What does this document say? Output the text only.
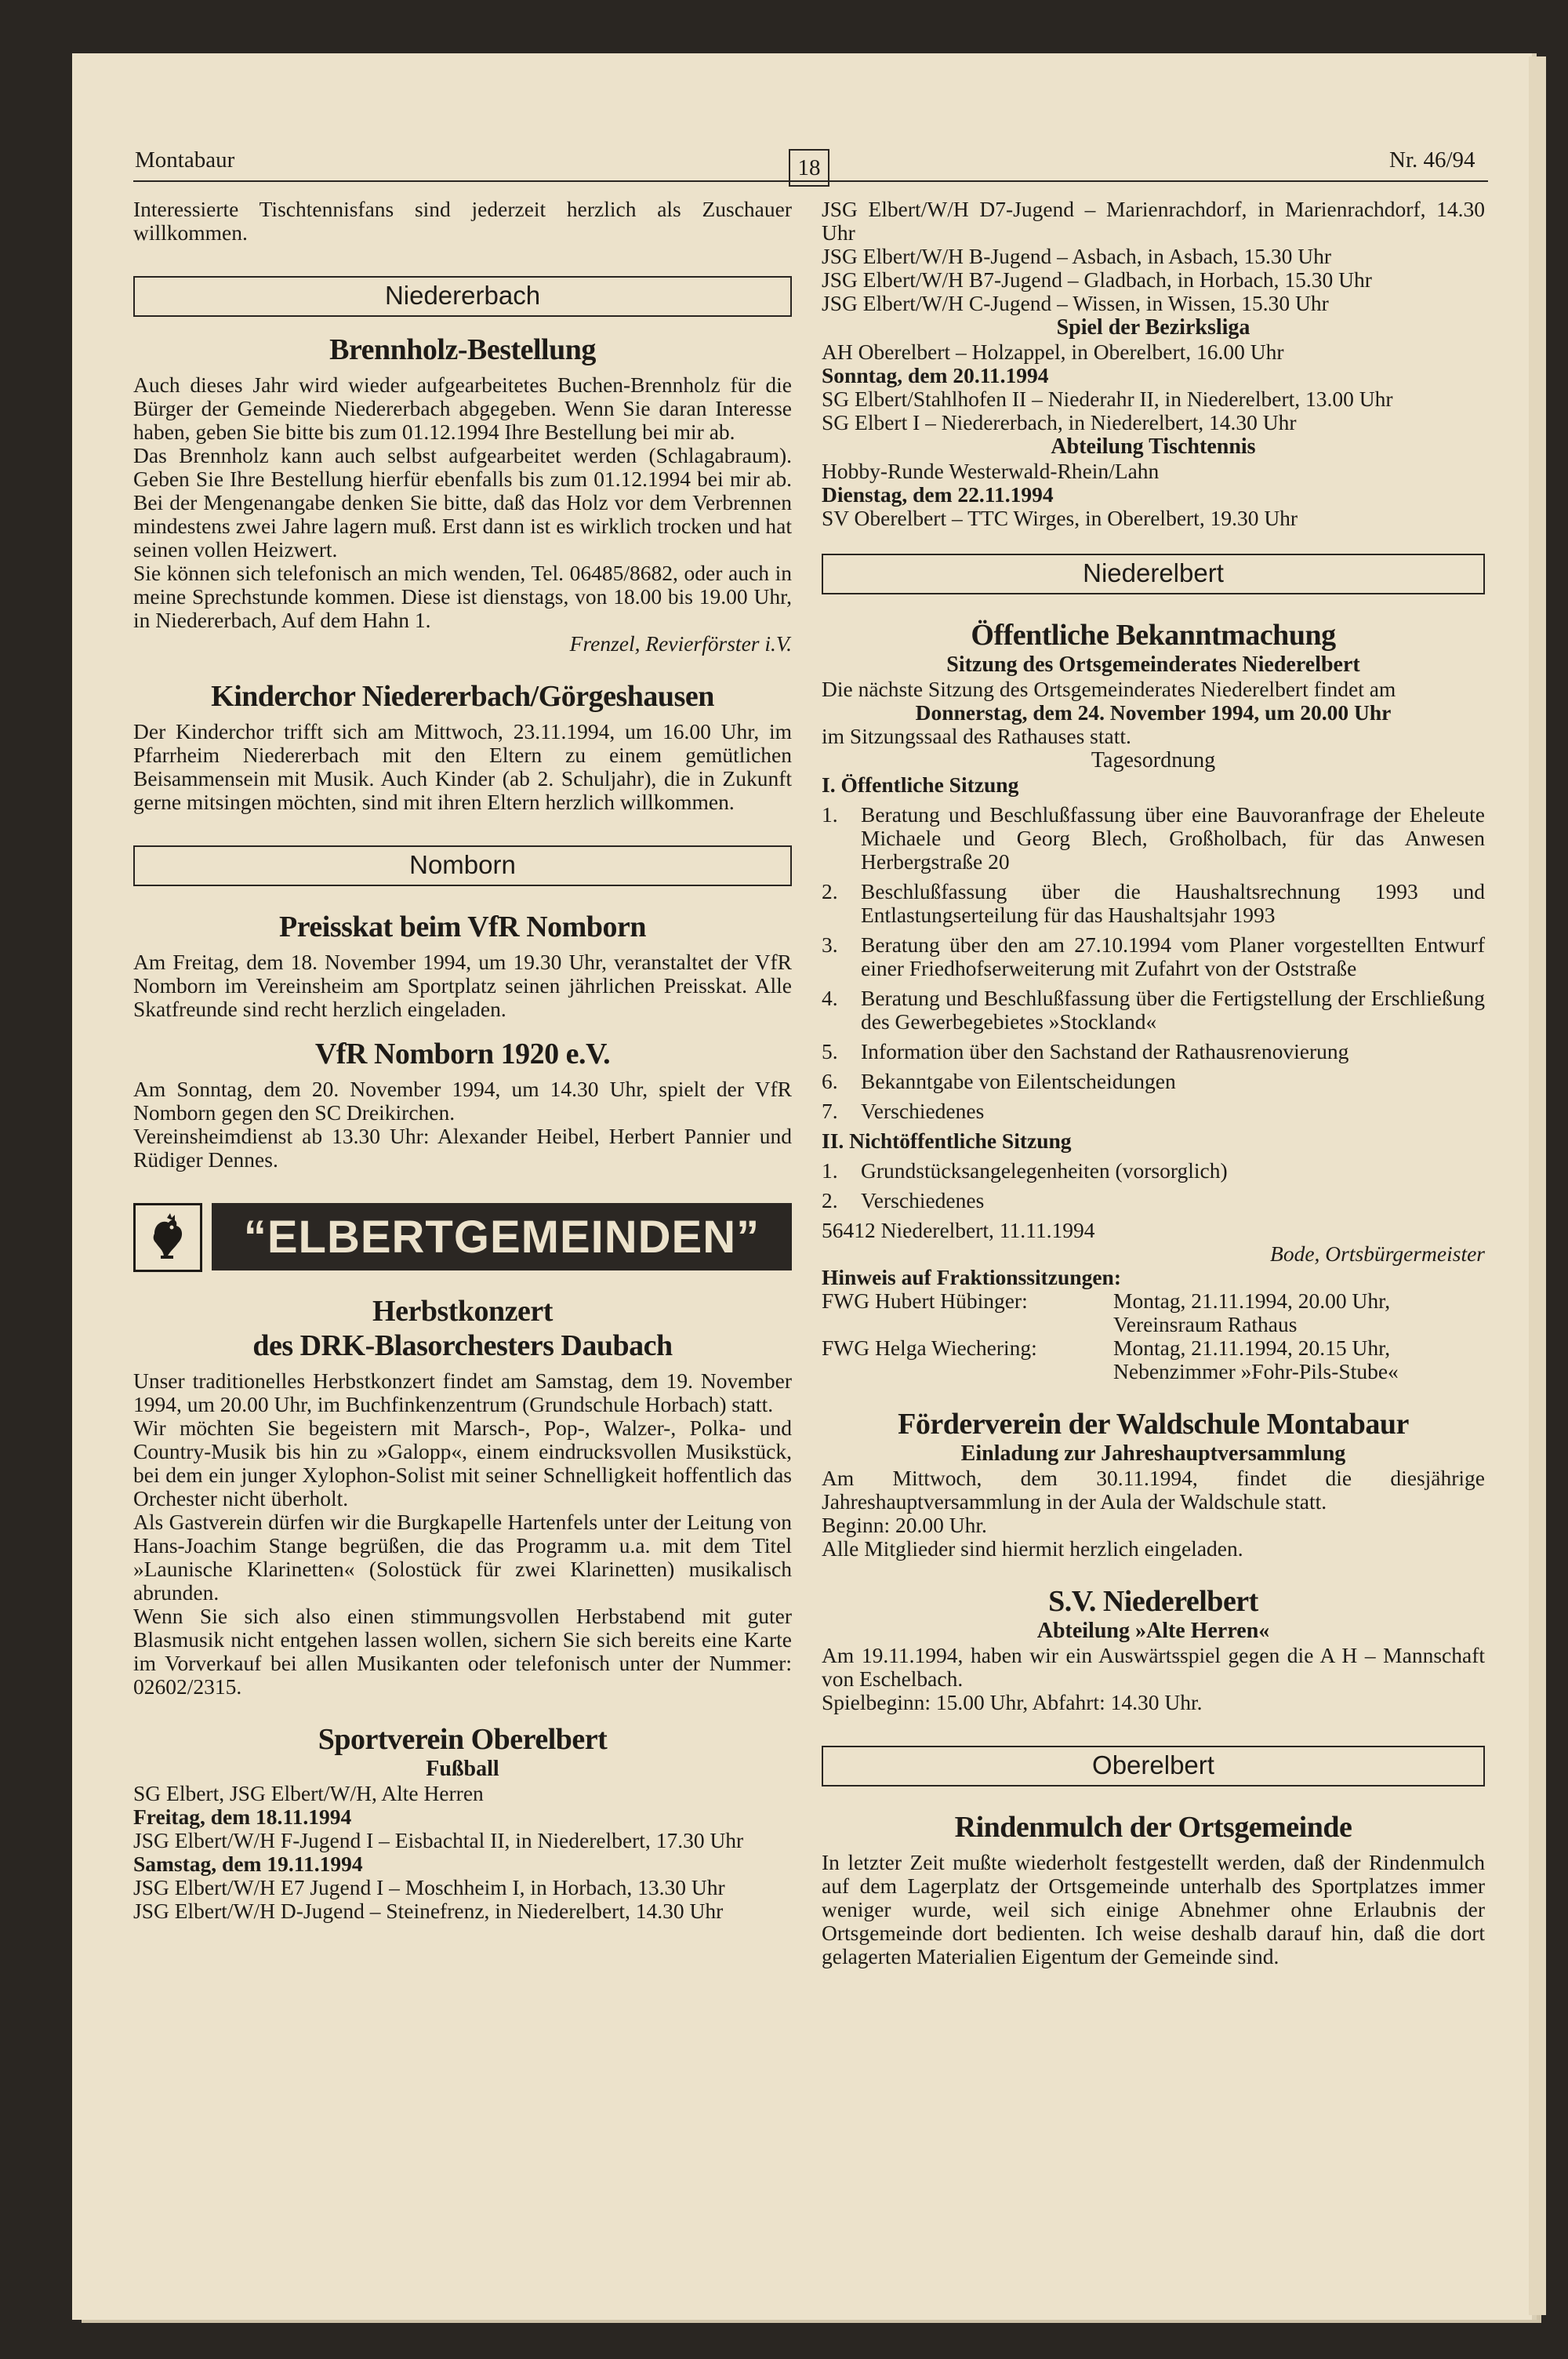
Montabaur	18	Nr. 46/94

Interessierte Tischtennisfans sind jederzeit herzlich als Zuschauer willkommen.

Niedererbach
Brennholz-Bestellung

Auch dieses Jahr wird wieder aufgearbeitetes Buchen-Brennholz für die Bürger der Gemeinde Niedererbach abgegeben. Wenn Sie daran Interesse haben, geben Sie bitte bis zum 01.12.1994 Ihre Bestellung bei mir ab.

Das Brennholz kann auch selbst aufgearbeitet werden (Schlagabraum). Geben Sie Ihre Bestellung hierfür ebenfalls bis zum 01.12.1994 bei mir ab. Bei der Mengenangabe denken Sie bitte, daß das Holz vor dem Verbrennen mindestens zwei Jahre lagern muß. Erst dann ist es wirklich trocken und hat seinen vollen Heizwert.

Sie können sich telefonisch an mich wenden, Tel. 06485/8682, oder auch in meine Sprechstunde kommen. Diese ist dienstags, von 18.00 bis 19.00 Uhr, in Niedererbach, Auf dem Hahn 1.

Frenzel, Revierförster i.V.

Kinderchor Niedererbach/Görgeshausen

Der Kinderchor trifft sich am Mittwoch, 23.11.1994, um 16.00 Uhr, im Pfarrheim Niedererbach mit den Eltern zu einem gemütlichen Beisammensein mit Musik. Auch Kinder (ab 2. Schuljahr), die in Zukunft gerne mitsingen möchten, sind mit ihren Eltern herzlich willkommen.

Nomborn
Preisskat beim VfR Nomborn

Am Freitag, dem 18. November 1994, um 19.30 Uhr, veranstaltet der VfR Nomborn im Vereinsheim am Sportplatz seinen jährlichen Preisskat. Alle Skatfreunde sind recht herzlich eingeladen.

VfR Nomborn 1920 e.V.

Am Sonntag, dem 20. November 1994, um 14.30 Uhr, spielt der VfR Nomborn gegen den SC Dreikirchen.

Vereinsheimdienst ab 13.30 Uhr: Alexander Heibel, Herbert Pannier und Rüdiger Dennes.

“ELBERTGEMEINDEN”
Herbstkonzert
des DRK-Blasorchesters Daubach

Unser traditionelles Herbstkonzert findet am Samstag, dem 19. November 1994, um 20.00 Uhr, im Buchfinkenzentrum (Grundschule Horbach) statt.

Wir möchten Sie begeistern mit Marsch-, Pop-, Walzer-, Polka- und Country-Musik bis hin zu »Galopp«, einem eindrucksvollen Musikstück, bei dem ein junger Xylophon-Solist mit seiner Schnelligkeit hoffentlich das Orchester nicht überholt.

Als Gastverein dürfen wir die Burgkapelle Hartenfels unter der Leitung von Hans-Joachim Stange begrüßen, die das Programm u.a. mit dem Titel »Launische Klarinetten« (Solostück für zwei Klarinetten) musikalisch abrunden.

Wenn Sie sich also einen stimmungsvollen Herbstabend mit guter Blasmusik nicht entgehen lassen wollen, sichern Sie sich bereits eine Karte im Vorverkauf bei allen Musikanten oder telefonisch unter der Nummer: 02602/2315.

Sportverein Oberelbert
Fußball

SG Elbert, JSG Elbert/W/H, Alte Herren

Freitag, dem 18.11.1994

JSG Elbert/W/H F-Jugend I – Eisbachtal II, in Niederelbert, 17.30 Uhr

Samstag, dem 19.11.1994

JSG Elbert/W/H E7 Jugend I – Moschheim I, in Horbach, 13.30 Uhr

JSG Elbert/W/H D-Jugend – Steinefrenz, in Niederelbert, 14.30 Uhr

JSG Elbert/W/H D7-Jugend – Marienrachdorf, in Marienrachdorf, 14.30 Uhr

JSG Elbert/W/H B-Jugend – Asbach, in Asbach, 15.30 Uhr

JSG Elbert/W/H B7-Jugend – Gladbach, in Horbach, 15.30 Uhr

JSG Elbert/W/H C-Jugend – Wissen, in Wissen, 15.30 Uhr

Spiel der Bezirksliga

AH Oberelbert – Holzappel, in Oberelbert, 16.00 Uhr

Sonntag, dem 20.11.1994

SG Elbert/Stahlhofen II – Niederahr II, in Niederelbert, 13.00 Uhr

SG Elbert I – Niedererbach, in Niederelbert, 14.30 Uhr

Abteilung Tischtennis

Hobby-Runde Westerwald-Rhein/Lahn

Dienstag, dem 22.11.1994

SV Oberelbert – TTC Wirges, in Oberelbert, 19.30 Uhr

Niederelbert
Öffentliche Bekanntmachung
Sitzung des Ortsgemeinderates Niederelbert

Die nächste Sitzung des Ortsgemeinderates Niederelbert findet am

Donnerstag, dem 24. November 1994, um 20.00 Uhr

im Sitzungssaal des Rathauses statt.

Tagesordnung

I. Öffentliche Sitzung

1.	Beratung und Beschlußfassung über eine Bauvoranfrage der Eheleute Michaele und Georg Blech, Großholbach, für das Anwesen Herbergstraße 20
2.	Beschlußfassung über die Haushaltsrechnung 1993 und Entlastungserteilung für das Haushaltsjahr 1993
3.	Beratung über den am 27.10.1994 vom Planer vorgestellten Entwurf einer Friedhofserweiterung mit Zufahrt von der Oststraße
4.	Beratung und Beschlußfassung über die Fertigstellung der Erschließung des Gewerbegebietes »Stockland«
5.	Information über den Sachstand der Rathausrenovierung
6.	Bekanntgabe von Eilentscheidungen
7.	Verschiedenes

II. Nichtöffentliche Sitzung

1.	Grundstücksangelegenheiten (vorsorglich)
2.	Verschiedenes

56412 Niederelbert, 11.11.1994

Bode, Ortsbürgermeister

Hinweis auf Fraktionssitzungen:

FWG Hubert Hübinger:	Montag, 21.11.1994, 20.00 Uhr,
Vereinsraum Rathaus
FWG Helga Wiechering:	Montag, 21.11.1994, 20.15 Uhr,
Nebenzimmer »Fohr-Pils-Stube«
Förderverein der Waldschule Montabaur
Einladung zur Jahreshauptversammlung

Am Mittwoch, dem 30.11.1994, findet die diesjährige Jahreshauptversammlung in der Aula der Waldschule statt.

Beginn: 20.00 Uhr.

Alle Mitglieder sind hiermit herzlich eingeladen.

S.V. Niederelbert
Abteilung »Alte Herren«

Am 19.11.1994, haben wir ein Auswärtsspiel gegen die A H – Mannschaft von Eschelbach.

Spielbeginn: 15.00 Uhr, Abfahrt: 14.30 Uhr.

Oberelbert
Rindenmulch der Ortsgemeinde

In letzter Zeit mußte wiederholt festgestellt werden, daß der Rindenmulch auf dem Lagerplatz der Ortsgemeinde unterhalb des Sportplatzes immer weniger wurde, weil sich einige Abnehmer ohne Erlaubnis der Ortsgemeinde dort bedienten. Ich weise deshalb darauf hin, daß die dort gelagerten Materialien Eigentum der Gemeinde sind.
